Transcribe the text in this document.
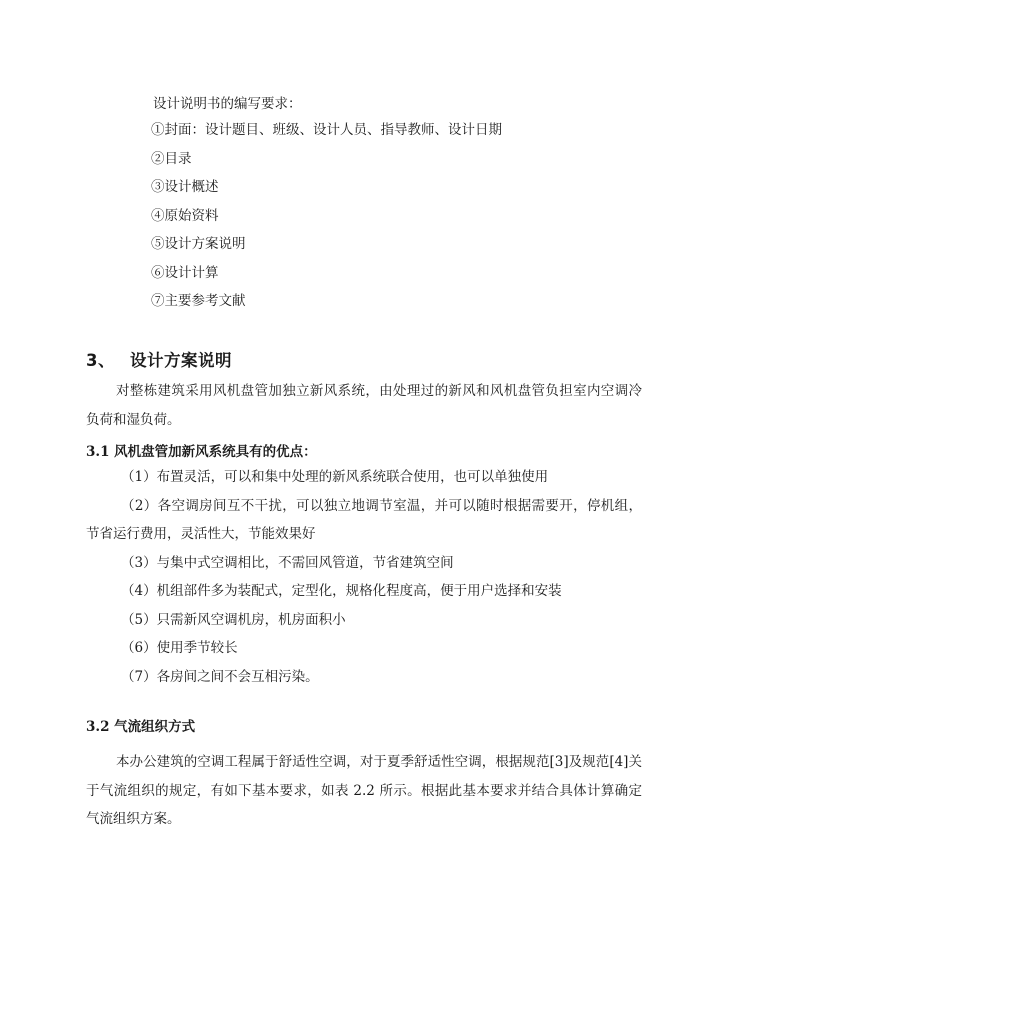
设计说明书的编写要求：
①封面：设计题目、班级、设计人员、指导教师、设计日期
②目录
③设计概述
④原始资料
⑤设计方案说明
⑥设计计算
⑦主要参考文献
3、 设计方案说明

对整栋建筑采用风机盘管加独立新风系统，由处理过的新风和风机盘管负担室内空调冷负荷和湿负荷。

3.1 风机盘管加新风系统具有的优点：
（1）布置灵活，可以和集中处理的新风系统联合使用，也可以单独使用
（2）各空调房间互不干扰，可以独立地调节室温，并可以随时根据需要开，停机组，节省运行费用，灵活性大，节能效果好
（3）与集中式空调相比，不需回风管道，节省建筑空间
（4）机组部件多为装配式，定型化，规格化程度高，便于用户选择和安装
（5）只需新风空调机房，机房面积小
（6）使用季节较长
（7）各房间之间不会互相污染。
3.2 气流组织方式

本办公建筑的空调工程属于舒适性空调，对于夏季舒适性空调，根据规范[3]及规范[4]关于气流组织的规定，有如下基本要求，如表 2.2 所示。根据此基本要求并结合具体计算确定气流组织方案。
